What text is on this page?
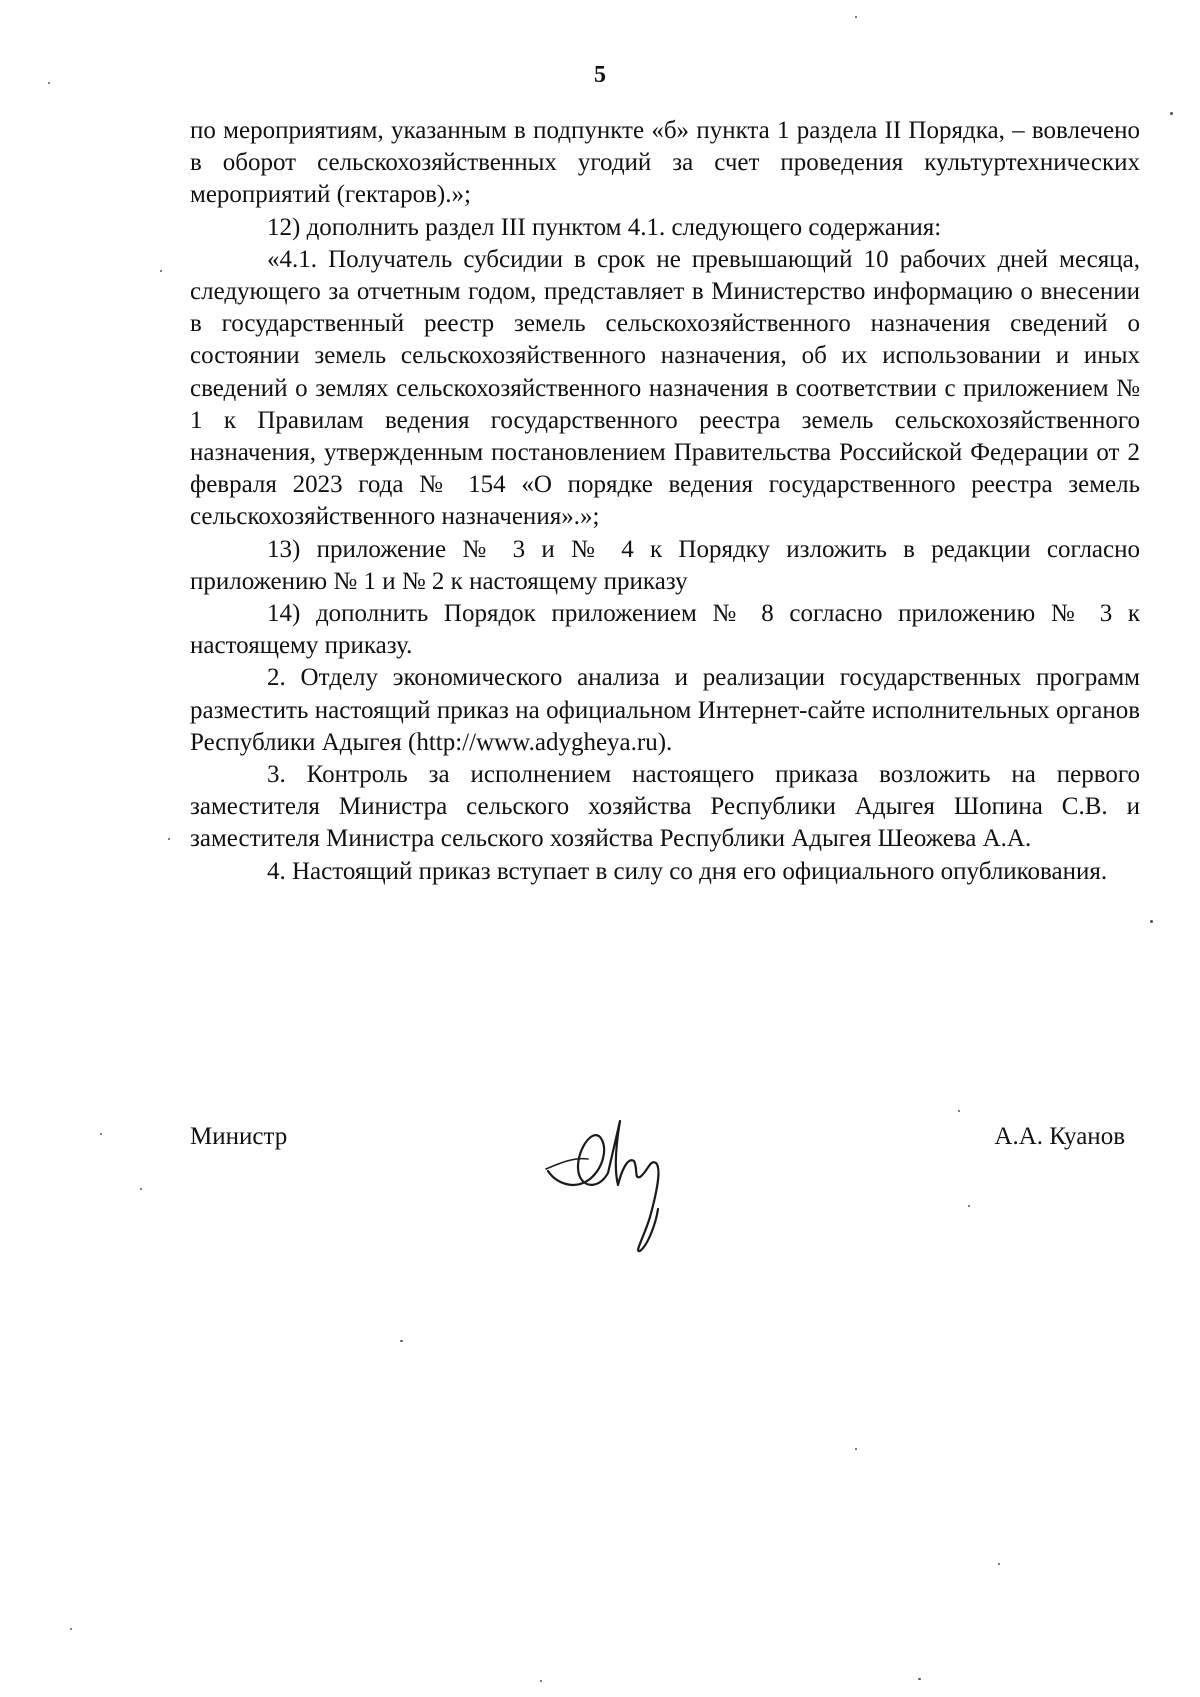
5

по мероприятиям, указанным в подпункте «б» пункта 1 раздела II Порядка, – вовлечено в оборот сельскохозяйственных угодий за счет проведения культуртехнических мероприятий (гектаров).»;

12) дополнить раздел III пунктом 4.1. следующего содержания:

«4.1. Получатель субсидии в срок не превышающий 10 рабочих дней месяца, следующего за отчетным годом, представляет в Министерство информацию о внесении в государственный реестр земель сельскохозяйственного назначения сведений о состоянии земель сельскохозяйственного назначения, об их использовании и иных сведений о землях сельскохозяйственного назначения в соответствии с приложением № 1 к Правилам ведения государственного реестра земель сельскохозяйственного назначения, утвержденным постановлением Правительства Российской Федерации от 2 февраля 2023 года № 154 «О порядке ведения государственного реестра земель сельскохозяйственного назначения».»;

13) приложение № 3 и № 4 к Порядку изложить в редакции согласно приложению № 1 и № 2 к настоящему приказу

14) дополнить Порядок приложением № 8 согласно приложению № 3 к настоящему приказу.

2. Отделу экономического анализа и реализации государственных программ разместить настоящий приказ на официальном Интернет-сайте исполнительных органов Республики Адыгея (http://www.adygheya.ru).

3. Контроль за исполнением настоящего приказа возложить на первого заместителя Министра сельского хозяйства Республики Адыгея Шопина С.В. и заместителя Министра сельского хозяйства Республики Адыгея Шеожева А.А.

4. Настоящий приказ вступает в силу со дня его официального опубликования.

Министр	А.А. Куанов
